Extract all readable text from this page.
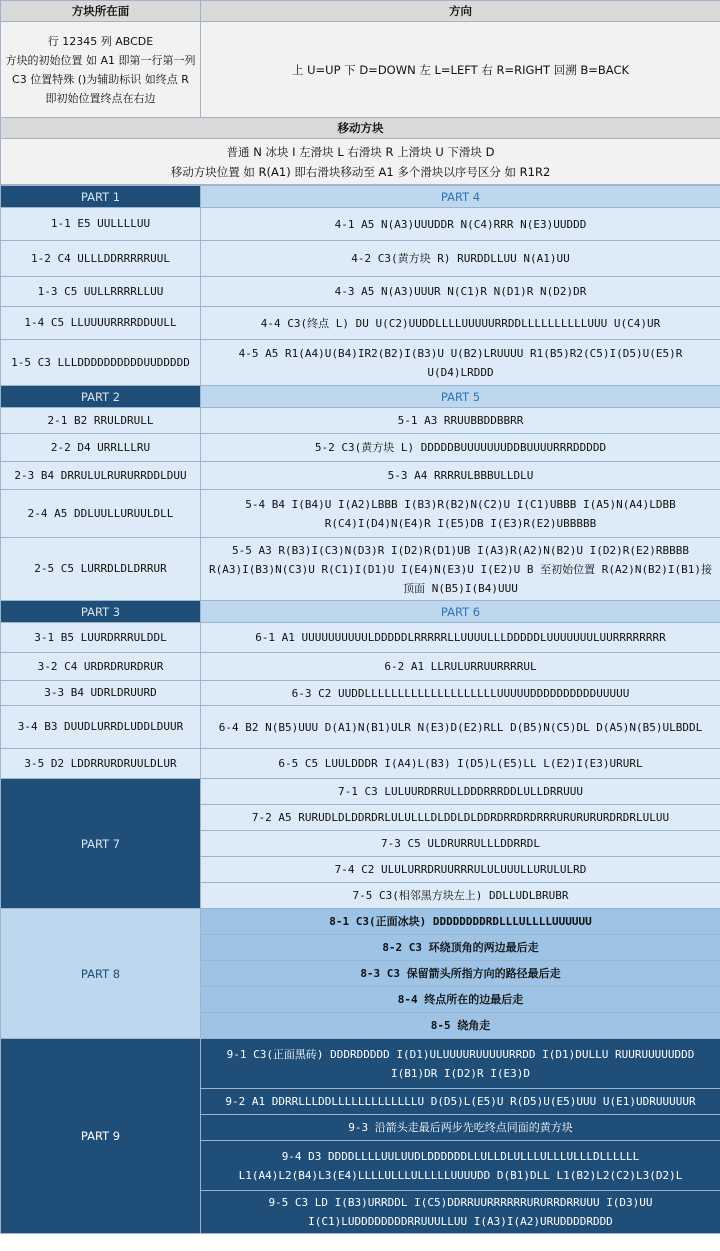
方块所在面	方向
行 12345 列 ABCDE
方块的初始位置 如 A1 即第一行第一列
C3 位置特殊 ()为辅助标识 如终点 R 即初始位置终点在右边	上 U=UP 下 D=DOWN 左 L=LEFT 右 R=RIGHT 回溯 B=BACK
移动方块	

普通 N 冰块 I 左滑块 L 右滑块 R 上滑块 U 下滑块 D
移动方块位置 如 R(A1) 即右滑块移动至 A1 多个滑块以序号区分 如 R1R2	
PART 1	PART 4
1-1 E5 UULLLLUU	4-1 A5 N(A3)UUUDDR N(C4)RRR N(E3)UUDDD
1-2 C4 ULLLDDRRRRRUUL	4-2 C3(黄方块 R) RURDDLLUU N(A1)UU
1-3 C5 UULLRRRRLLUU	4-3 A5 N(A3)UUUR N(C1)R N(D1)R N(D2)DR
1-4 C5 LLUUUURRRRDDUULL	4-4 C3(终点 L) DU U(C2)UUDDLLLLUUUUURRDDLLLLLLLLLLUUU U(C4)UR
1-5 C3 LLLDDDDDDDDDDUUDDDDD	4-5 A5 R1(A4)U(B4)IR2(B2)I(B3)U U(B2)LRUUUU R1(B5)R2(C5)I(D5)U(E5)R U(D4)LRDDD
PART 2	PART 5
2-1 B2 RRULDRULL	5-1 A3 RRUUBBDDBBRR
2-2 D4 URRLLLRU	5-2 C3(黄方块 L) DDDDDBUUUUUUUDDBUUUURRRDDDDD
2-3 B4 DRRULULRURURRDDLDUU	5-3 A4 RRRRULBBBULLDLU
2-4 A5 DDLUULLURUULDLL	5-4 B4 I(B4)U I(A2)LBBB I(B3)R(B2)N(C2)U I(C1)UBBB I(A5)N(A4)LDBB R(C4)I(D4)N(E4)R I(E5)DB I(E3)R(E2)UBBBBB
2-5 C5 LURRDLDLDRRUR	5-5 A3 R(B3)I(C3)N(D3)R I(D2)R(D1)UB I(A3)R(A2)N(B2)U I(D2)R(E2)RBBBB R(A3)I(B3)N(C3)U R(C1)I(D1)U I(E4)N(E3)U I(E2)U B 至初始位置 R(A2)N(B2)I(B1)接顶面 N(B5)I(B4)UUU
PART 3	PART 6
3-1 B5 LUURDRRRULDDL	6-1 A1 UUUUUUUUUULDDDDDLRRRRRLLUUUULLLDDDDDLUUUUUUULUURRRRRRRR
3-2 C4 URDRDRURDRUR	6-2 A1 LLRULURRUURRRRUL
3-3 B4 UDRLDRUURD	6-3 C2 UUDDLLLLLLLLLLLLLLLLLLLLUUUUUDDDDDDDDDDUUUUU
3-4 B3 DUUDLURRDLUDDLDUUR	6-4 B2 N(B5)UUU D(A1)N(B1)ULR N(E3)D(E2)RLL D(B5)N(C5)DL D(A5)N(B5)ULBDDL
3-5 D2 LDDRRURDRUULDLUR	6-5 C5 LUULDDDR I(A4)L(B3) I(D5)L(E5)LL L(E2)I(E3)URURL
PART 7	7-1 C3 LULUURDRRULLDDDRRRDDLULLDRRUUU
	7-2 A5 RURUDLDLDDRDRLULULLLDLDDLDLDDRDRRDRDRRRURURURURDRDRLULUU
	7-3 C5 ULDRURRULLLDDRRDL
	7-4 C2 ULULURRDRUURRRULULUUULLURULULRD
	7-5 C3(相邻黑方块左上) DDLLUDLBRUBR
PART 8	8-1 C3(正面冰块) DDDDDDDDRDLLLULLLLUUUUUU
	8-2 C3 环绕顶角的两边最后走
	8-3 C3 保留箭头所指方向的路径最后走
	8-4 终点所在的边最后走
	8-5 绕角走
PART 9	9-1 C3(正面黑砖) DDDRDDDDD I(D1)ULUUUURUUUUURRDD I(D1)DULLU RUURUUUUUDDD I(B1)DR I(D2)R I(E3)D
	9-2 A1 DDRRLLLDDLLLLLLLLLLLLLU D(D5)L(E5)U R(D5)U(E5)UUU U(E1)UDRUUUUUR
	9-3 沿箭头走最后两步先吃终点同面的黄方块
	9-4 D3 DDDDLLLLUULUUDLDDDDDDLLULLDLULLLULLLULLLDLLLLLL L1(A4)L2(B4)L3(E4)LLLLULLLULLLLLUUUUDD D(B1)DLL L1(B2)L2(C2)L3(D2)L
	9-5 C3 LD I(B3)URRDDL I(C5)DDRRUURRRRRRURURRDRRUUU I(D3)UU I(C1)LUDDDDDDDDRRUUULLUU I(A3)I(A2)URUDDDDRDDD
